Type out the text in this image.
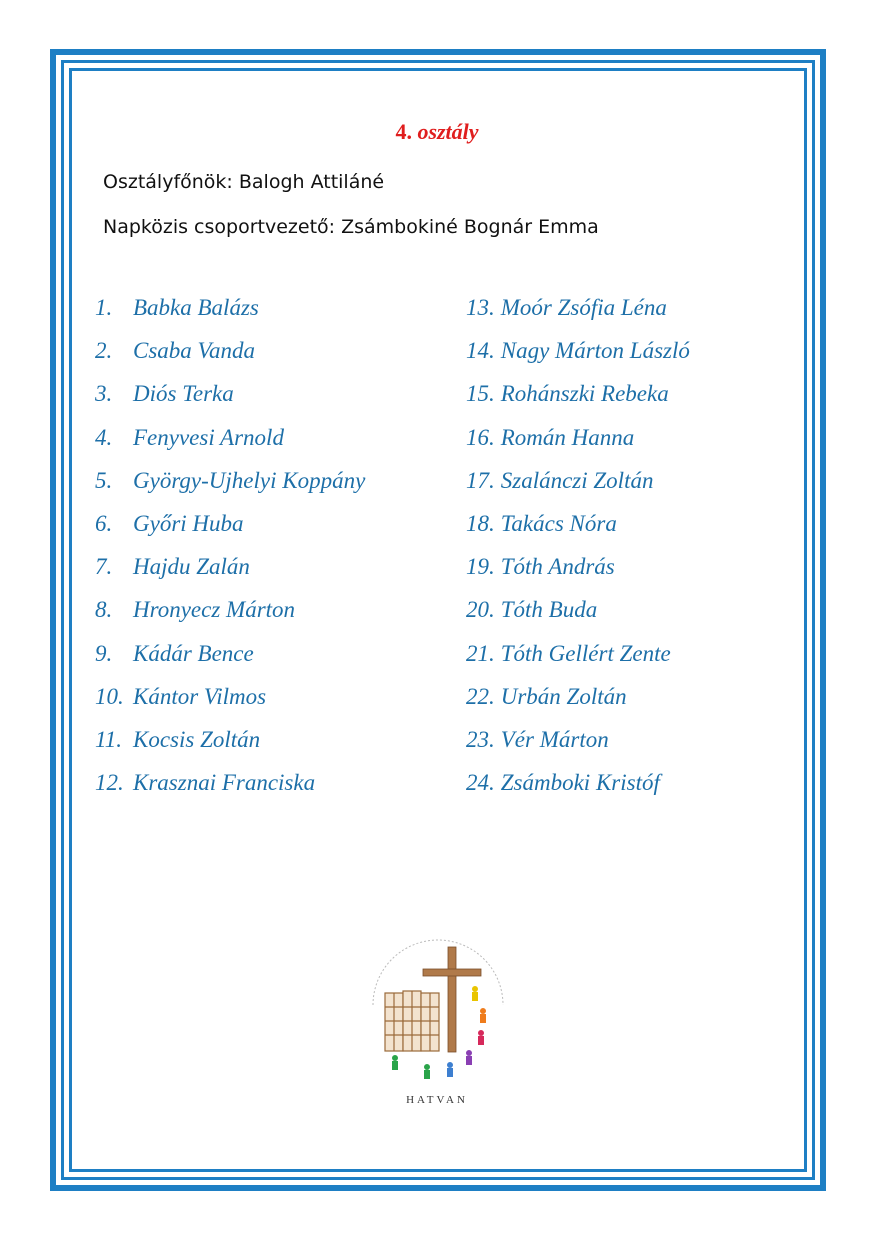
4. osztály
Osztályfőnök: Balogh Attiláné
Napközis csoportvezető: Zsámbokiné Bognár Emma
1. Babka Balázs
2. Csaba Vanda
3. Diós Terka
4. Fenyvesi Arnold
5. György-Ujhelyi Koppány
6. Győri Huba
7. Hajdu Zalán
8. Hronyecz Márton
9. Kádár Bence
10. Kántor Vilmos
11. Kocsis Zoltán
12. Krasznai Franciska
13. Moór Zsófia Léna
14. Nagy Márton László
15. Rohánszki Rebeka
16. Román Hanna
17. Szalánczi Zoltán
18. Takács Nóra
19. Tóth András
20. Tóth Buda
21. Tóth Gellért Zente
22. Urbán Zoltán
23. Vér Márton
24. Zsámboki Kristóf
HATVAN
